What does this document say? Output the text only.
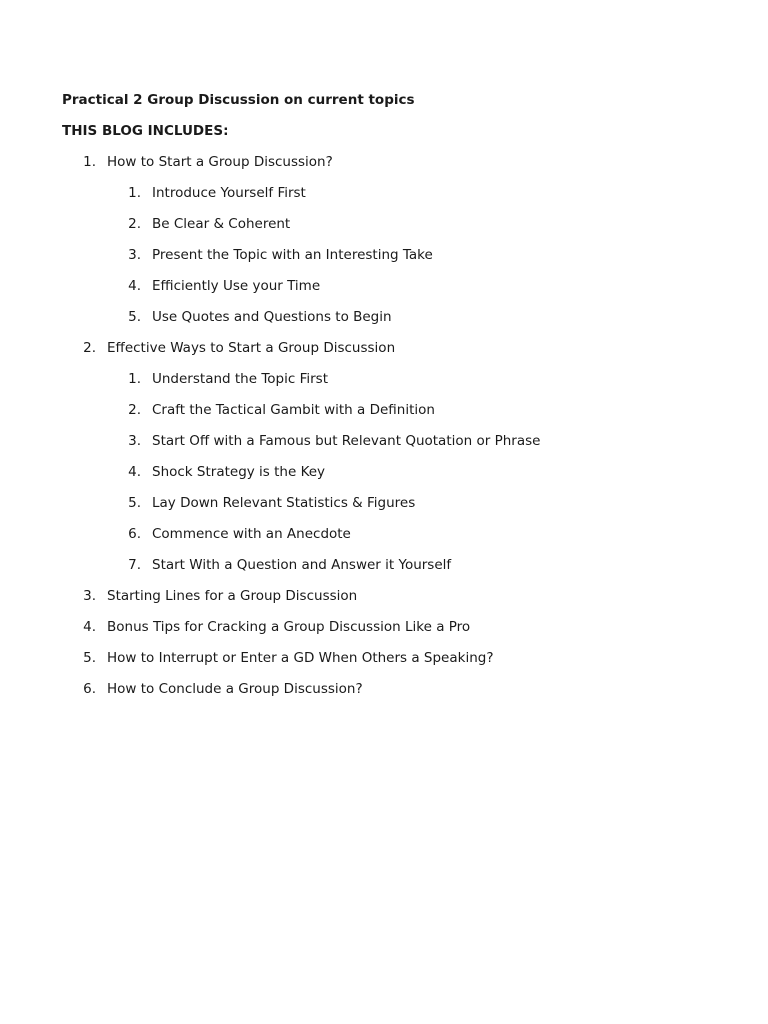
Practical 2 Group Discussion on current topics

THIS BLOG INCLUDES:

1. How to Start a Group Discussion?
1. Introduce Yourself First
2. Be Clear & Coherent
3. Present the Topic with an Interesting Take
4. Efficiently Use your Time
5. Use Quotes and Questions to Begin
2. Effective Ways to Start a Group Discussion
1. Understand the Topic First
2. Craft the Tactical Gambit with a Definition
3. Start Off with a Famous but Relevant Quotation or Phrase
4. Shock Strategy is the Key
5. Lay Down Relevant Statistics & Figures
6. Commence with an Anecdote
7. Start With a Question and Answer it Yourself
3. Starting Lines for a Group Discussion
4. Bonus Tips for Cracking a Group Discussion Like a Pro
5. How to Interrupt or Enter a GD When Others a Speaking?
6. How to Conclude a Group Discussion?
